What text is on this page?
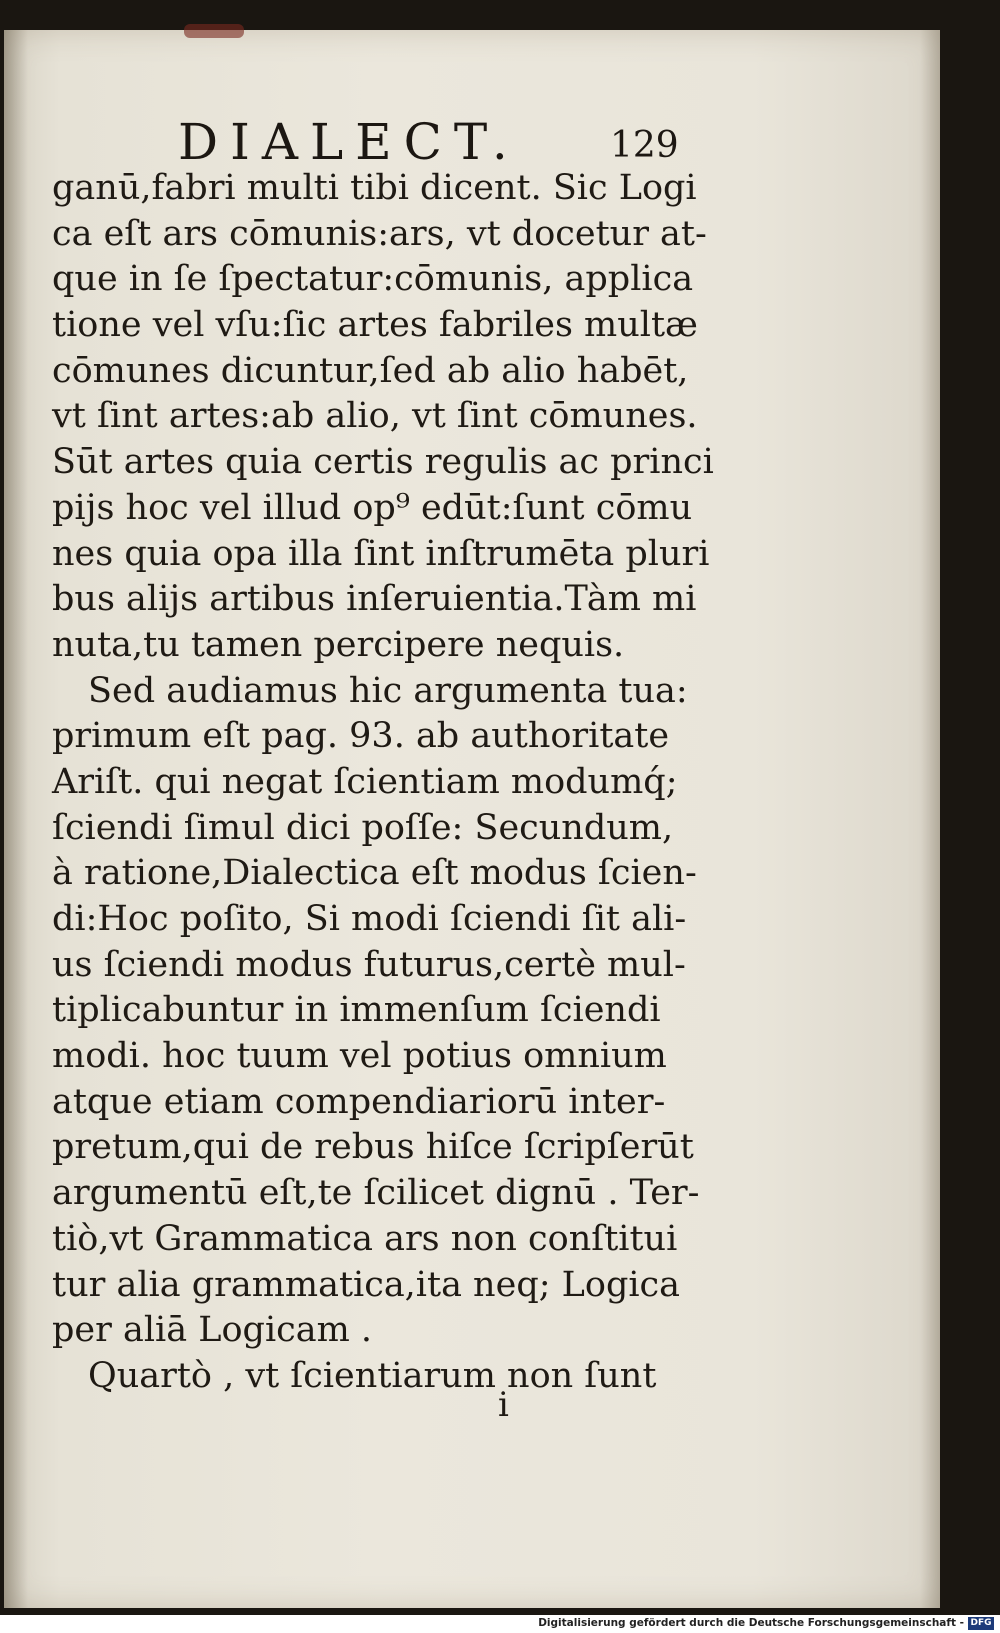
DIALECT.	129
ganū,fabri multi tibi dicent. Sic Logi
ca eſt ars cōmunis:ars, vt docetur at-
que in ſe ſpectatur:cōmunis, applica
tione vel vſu:ſic artes fabriles multæ
cōmunes dicuntur,ſed ab alio habēt,
vt ſint artes:ab alio, vt ſint cōmunes.
Sūt artes quia certis regulis ac princi
pijs hoc vel illud op⁹ edūt:ſunt cōmu
nes quia opa illa ſint inſtrumēta pluri
bus alijs artibus inſeruientia.Tàm mi
nuta,tu tamen percipere nequis.
Sed audiamus hic argumenta tua:
primum eſt pag. 93. ab authoritate
Ariſt. qui negat ſcientiam modumq́;
ſciendi ſimul dici poſſe: Secundum,
à ratione,Dialectica eſt modus ſcien-
di:Hoc poſito, Si modi ſciendi ſit ali-
us ſciendi modus futurus,certè mul-
tiplicabuntur in immenſum ſciendi
modi. hoc tuum vel potius omnium
atque etiam compendiariorū inter-
pretum,qui de rebus hiſce ſcripſerūt
argumentū eſt,te ſcilicet dignū . Ter-
tiò,vt Grammatica ars non conſtitui
tur alia grammatica,ita neq; Logica
per aliā Logicam .
Quartò , vt ſcientiarum non ſunt
i
Digitalisierung gefördert durch die Deutsche Forschungsgemeinschaft - DFG
